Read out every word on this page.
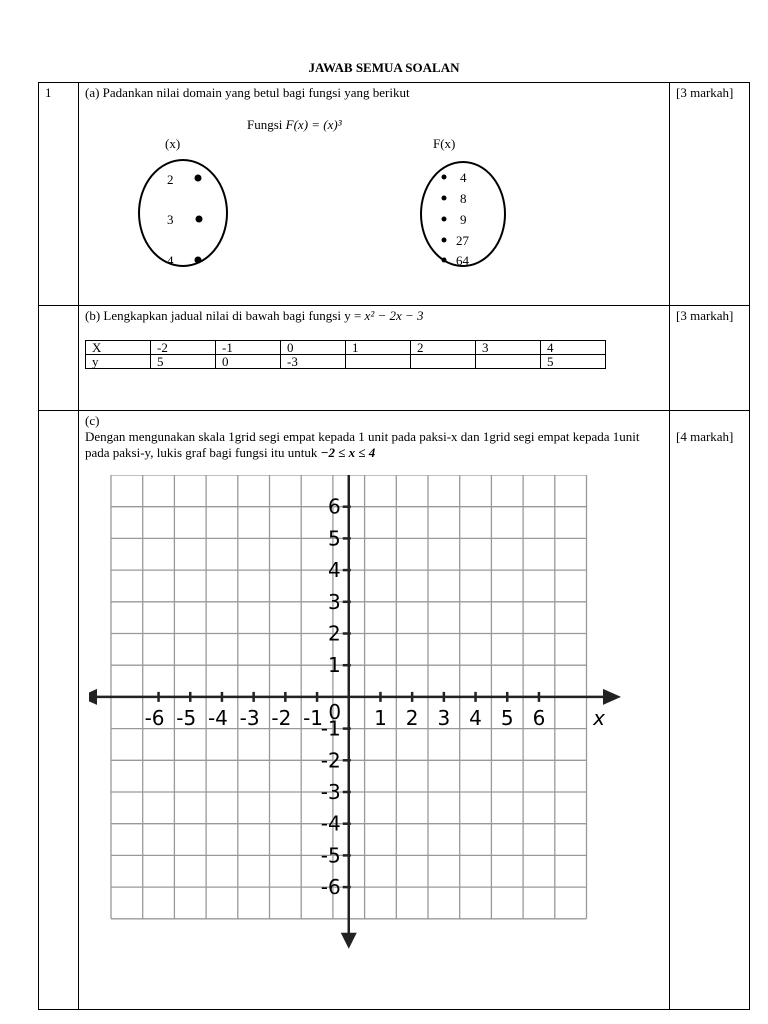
JAWAB SEMUA SOALAN
1	(a) Padankan nilai domain yang betul bagi fungsi yang berikut
Fungsi F(x) = (x)³
(x)	F(x)
2
3
4
4
8
9
27
64
	[3 markah]

(b) Lengkapkan jadual nilai di bawah bagi fungsi y = x² − 2x − 3
X	-2	-1	0	1	2	3	4
y	5	0	-3				5
	[3 markah]

(c)
Dengan mengunakan skala 1grid segi empat kepada 1 unit pada paksi-x dan 1grid segi empat kepada 1unit pada paksi-y, lukis graf bagi fungsi itu untuk −2 ≤ x ≤ 4
-6 -5 -4 -3 -2 -1	1 2 3 4 5 6
6
5
4
3
2
1
-1
-2
-3
-4
-5
-6
0	x
	[4 markah]
